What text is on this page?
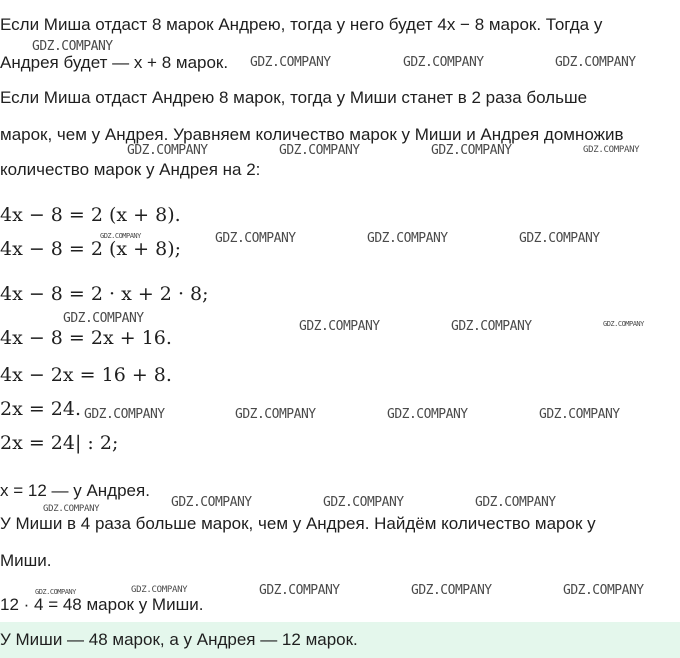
Если Миша отдаст 8 марок Андрею, тогда у него будет 4x − 8 марок. Тогда у
Андрея будет — x + 8 марок.
Если Миша отдаст Андрею 8 марок, тогда у Миши станет в 2 раза больше
марок, чем у Андрея. Уравняем количество марок у Миши и Андрея домножив
количество марок у Андрея на 2:
4x − 8 = 2 (x + 8).
4x − 8 = 2 (x + 8);
4x − 8 = 2 · x + 2 · 8;
4x − 8 = 2x + 16.
4x − 2x = 16 + 8.
2x = 24.
2x = 24| : 2;
x = 12 — у Андрея.
У Миши в 4 раза больше марок, чем у Андрея. Найдём количество марок у
Миши.
12 · 4 = 48 марок у Миши.
У Миши — 48 марок, а у Андрея — 12 марок.
GDZ.COMPANY
GDZ.COMPANY	GDZ.COMPANY	GDZ.COMPANY
GDZ.COMPANY	GDZ.COMPANY	GDZ.COMPANY	GDZ.COMPANY
GDZ.COMPANY	GDZ.COMPANY	GDZ.COMPANY	GDZ.COMPANY
GDZ.COMPANY
GDZ.COMPANY	GDZ.COMPANY	GDZ.COMPANY
GDZ.COMPANY	GDZ.COMPANY	GDZ.COMPANY	GDZ.COMPANY
GDZ.COMPANY	GDZ.COMPANY	GDZ.COMPANY
GDZ.COMPANY
GDZ.COMPANY	GDZ.COMPANY	GDZ.COMPANY	GDZ.COMPANY	GDZ.COMPANY
